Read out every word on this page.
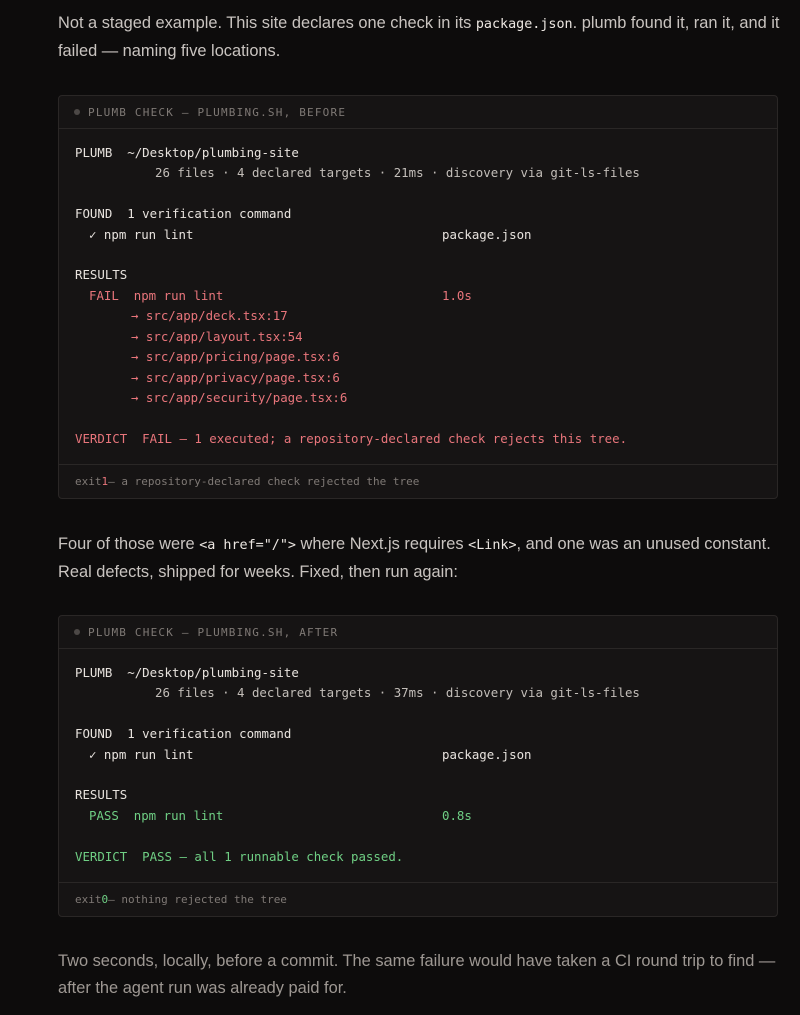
Not a staged example. This site declares one check in its package.json. plumb found it, ran it, and it failed — naming five locations.

PLUMB CHECK — PLUMBING.SH, BEFORE
PLUMB ~/Desktop/plumbing-site
26 files · 4 declared targets · 21ms · discovery via git-ls-files
FOUND 1 verification command
✓ npm run lint	package.json
RESULTS
FAIL npm run lint	1.0s
→ src/app/deck.tsx:17
→ src/app/layout.tsx:54
→ src/app/pricing/page.tsx:6
→ src/app/privacy/page.tsx:6
→ src/app/security/page.tsx:6
VERDICT FAIL — 1 executed; a repository-declared check rejects this tree.
exit 1 — a repository-declared check rejected the tree

Four of those were <a href="/"> where Next.js requires <Link>, and one was an unused constant. Real defects, shipped for weeks. Fixed, then run again:

PLUMB CHECK — PLUMBING.SH, AFTER
PLUMB ~/Desktop/plumbing-site
26 files · 4 declared targets · 37ms · discovery via git-ls-files
FOUND 1 verification command
✓ npm run lint	package.json
RESULTS
PASS npm run lint	0.8s
VERDICT PASS — all 1 runnable check passed.
exit 0 — nothing rejected the tree

Two seconds, locally, before a commit. The same failure would have taken a CI round trip to find — after the agent run was already paid for.
